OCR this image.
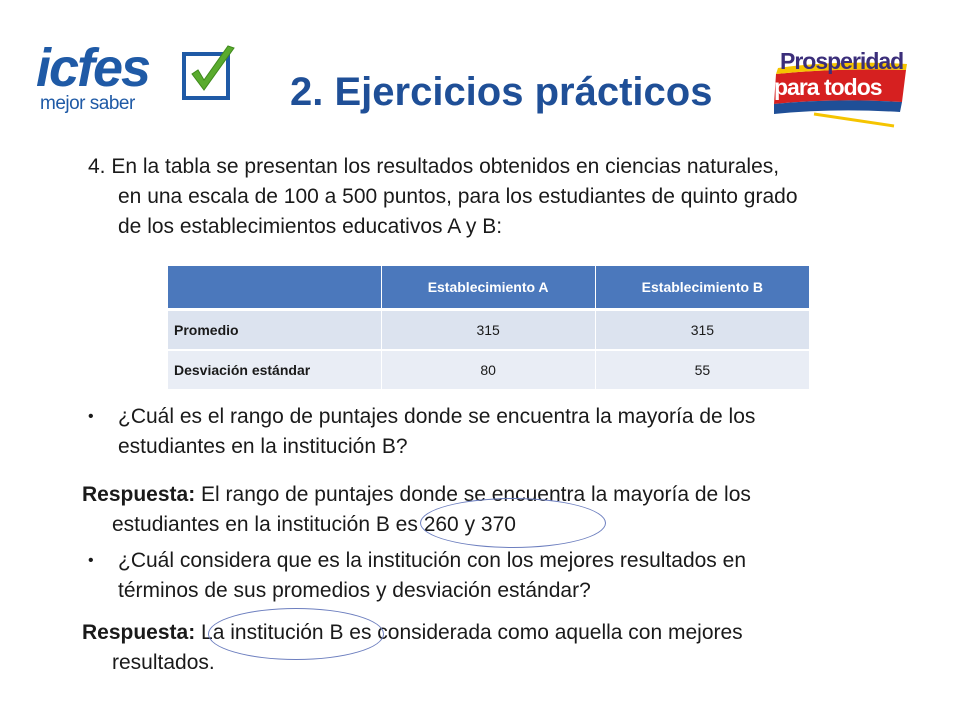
icfes
mejor saber	2. Ejercicios prácticos
Prosperidad
para todos

4. En la tabla se presentan los resultados obtenidos en ciencias naturales,
en una escala de 100 a 500 puntos, para los estudiantes de quinto grado
de los establecimientos educativos A y B:

	Establecimiento A	Establecimiento B
Promedio	315	315
Desviación estándar	80	55
• ¿Cuál es el rango de puntajes donde se encuentra la mayoría de los
estudiantes en la institución B?

Respuesta: El rango de puntajes donde se encuentra la mayoría de los
estudiantes en la institución B es 260 y 370

• ¿Cuál considera que es la institución con los mejores resultados en
términos de sus promedios y desviación estándar?

Respuesta: La institución B es considerada como aquella con mejores
resultados.
